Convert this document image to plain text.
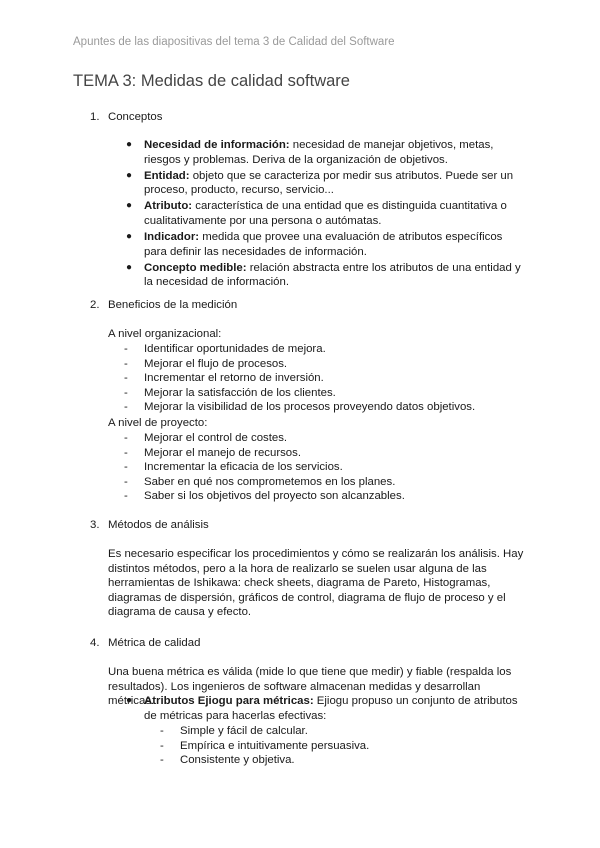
Apuntes de las diapositivas del tema 3 de Calidad del Software
TEMA 3: Medidas de calidad software
1. Conceptos
● Necesidad de información: necesidad de manejar objetivos, metas, riesgos y problemas. Deriva de la organización de objetivos.
● Entidad: objeto que se caracteriza por medir sus atributos. Puede ser un proceso, producto, recurso, servicio...
● Atributo: característica de una entidad que es distinguida cuantitativa o cualitativamente por una persona o autómatas.
● Indicador: medida que provee una evaluación de atributos específicos para definir las necesidades de información.
● Concepto medible: relación abstracta entre los atributos de una entidad y la necesidad de información.
2. Beneficios de la medición
A nivel organizacional:
- Identificar oportunidades de mejora.
- Mejorar el flujo de procesos.
- Incrementar el retorno de inversión.
- Mejorar la satisfacción de los clientes.
- Mejorar la visibilidad de los procesos proveyendo datos objetivos.
A nivel de proyecto:
- Mejorar el control de costes.
- Mejorar el manejo de recursos.
- Incrementar la eficacia de los servicios.
- Saber en qué nos comprometemos en los planes.
- Saber si los objetivos del proyecto son alcanzables.
3. Métodos de análisis
Es necesario especificar los procedimientos y cómo se realizarán los análisis. Hay distintos métodos, pero a la hora de realizarlo se suelen usar alguna de las herramientas de Ishikawa: check sheets, diagrama de Pareto, Histogramas, diagramas de dispersión, gráficos de control, diagrama de flujo de proceso y el diagrama de causa y efecto.
4. Métrica de calidad
Una buena métrica es válida (mide lo que tiene que medir) y fiable (respalda los resultados). Los ingenieros de software almacenan medidas y desarrollan métricas.
● Atributos Ejiogu para métricas: Ejiogu propuso un conjunto de atributos de métricas para hacerlas efectivas:
- Simple y fácil de calcular.
- Empírica e intuitivamente persuasiva.
- Consistente y objetiva.
